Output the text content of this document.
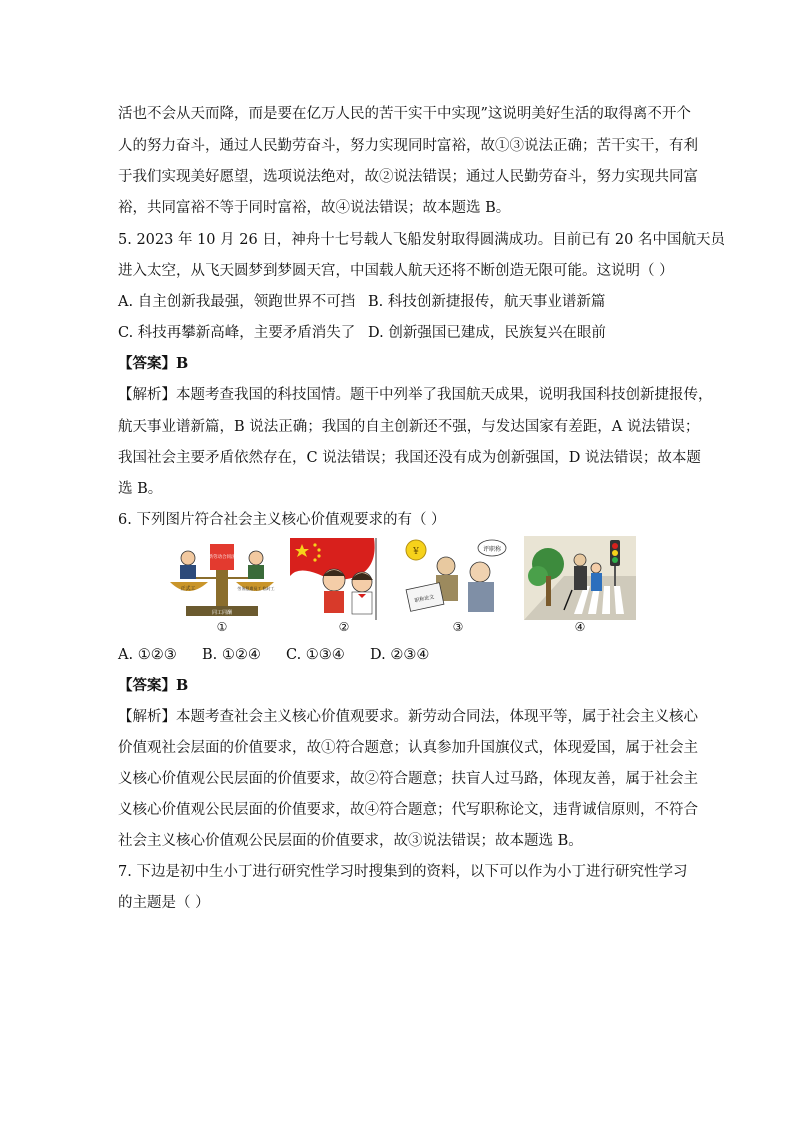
活也不会从天而降，而是要在亿万人民的苦干实干中实现”这说明美好生活的取得离不开个
人的努力奋斗，通过人民勤劳奋斗，努力实现同时富裕，故①③说法正确；苦干实干，有利
于我们实现美好愿望，选项说法绝对，故②说法错误；通过人民勤劳奋斗，努力实现共同富
裕，共同富裕不等于同时富裕，故④说法错误；故本题选 B。
5. 2023 年 10 月 26 日，神舟十七号载人飞船发射取得圆满成功。目前已有 20 名中国航天员
进入太空，从飞天圆梦到梦圆天宫，中国载人航天还将不断创造无限可能。这说明（ ）
A. 自主创新我最强，领跑世界不可挡 B. 科技创新捷报传，航天事业谱新篇
C. 科技再攀新高峰，主要矛盾消失了 D. 创新强国已建成，民族复兴在眼前
【答案】B
【解析】本题考查我国的科技国情。题干中列举了我国航天成果，说明我国科技创新捷报传，
航天事业谱新篇，B 说法正确；我国的自主创新还不强，与发达国家有差距，A 说法错误；
我国社会主要矛盾依然存在，C 说法错误；我国还没有成为创新强国，D 说法错误；故本题
选 B。
6. 下列图片符合社会主义核心价值观要求的有（ ）
同工同酬
新劳动合同法
正式工	劳务派遣员工 临时工
①	②
¥	评职称
职称论文
③	④
A. ①②③ B. ①②④ C. ①③④ D. ②③④
【答案】B
【解析】本题考查社会主义核心价值观要求。新劳动合同法，体现平等，属于社会主义核心
价值观社会层面的价值要求，故①符合题意；认真参加升国旗仪式，体现爱国，属于社会主
义核心价值观公民层面的价值要求，故②符合题意；扶盲人过马路，体现友善，属于社会主
义核心价值观公民层面的价值要求，故④符合题意；代写职称论文，违背诚信原则，不符合
社会主义核心价值观公民层面的价值要求，故③说法错误；故本题选 B。
7. 下边是初中生小丁进行研究性学习时搜集到的资料，以下可以作为小丁进行研究性学习
的主题是（ ）
